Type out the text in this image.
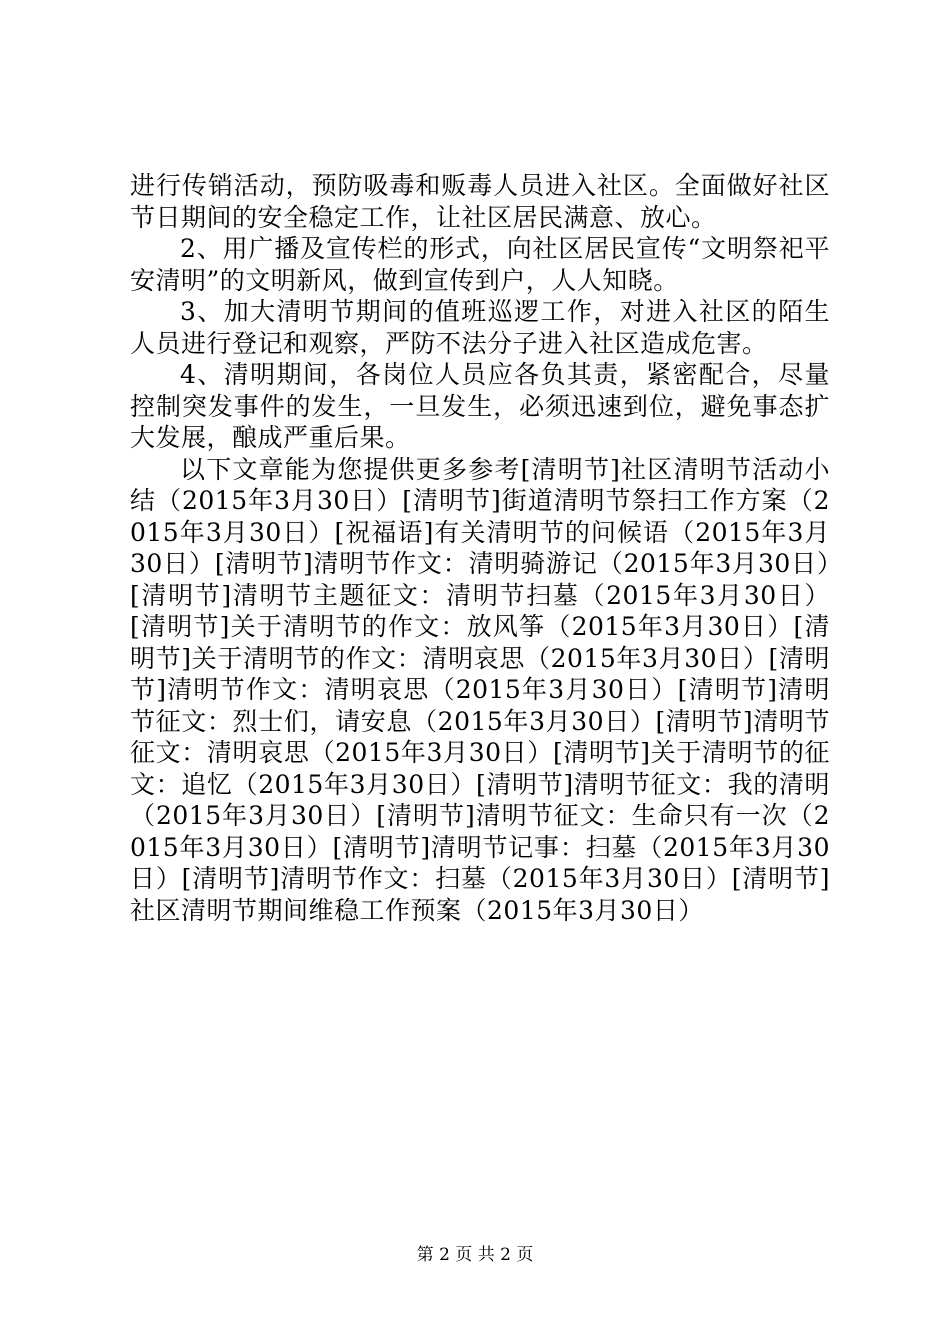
进行传销活动，预防吸毒和贩毒人员进入社区。全面做好社区节日期间的安全稳定工作，让社区居民满意、放心。

2、用广播及宣传栏的形式，向社区居民宣传“文明祭祀平安清明”的文明新风，做到宣传到户，人人知晓。

3、加大清明节期间的值班巡逻工作，对进入社区的陌生人员进行登记和观察，严防不法分子进入社区造成危害。

4、清明期间，各岗位人员应各负其责，紧密配合，尽量控制突发事件的发生，一旦发生，必须迅速到位，避免事态扩大发展，酿成严重后果。

以下文章能为您提供更多参考[清明节]社区清明节活动小结（2015年3月30日）[清明节]街道清明节祭扫工作方案（2015年3月30日）[祝福语]有关清明节的问候语（2015年3月30日）[清明节]清明节作文：清明骑游记（2015年3月30日）[清明节]清明节主题征文：清明节扫墓（2015年3月30日）[清明节]关于清明节的作文：放风筝（2015年3月30日）[清明节]关于清明节的作文：清明哀思（2015年3月30日）[清明节]清明节作文：清明哀思（2015年3月30日）[清明节]清明节征文：烈士们，请安息（2015年3月30日）[清明节]清明节征文：清明哀思（2015年3月30日）[清明节]关于清明节的征文：追忆（2015年3月30日）[清明节]清明节征文：我的清明（2015年3月30日）[清明节]清明节征文：生命只有一次（2015年3月30日）[清明节]清明节记事：扫墓（2015年3月30日）[清明节]清明节作文：扫墓（2015年3月30日）[清明节]社区清明节期间维稳工作预案（2015年3月30日）

第 2 页 共 2 页
